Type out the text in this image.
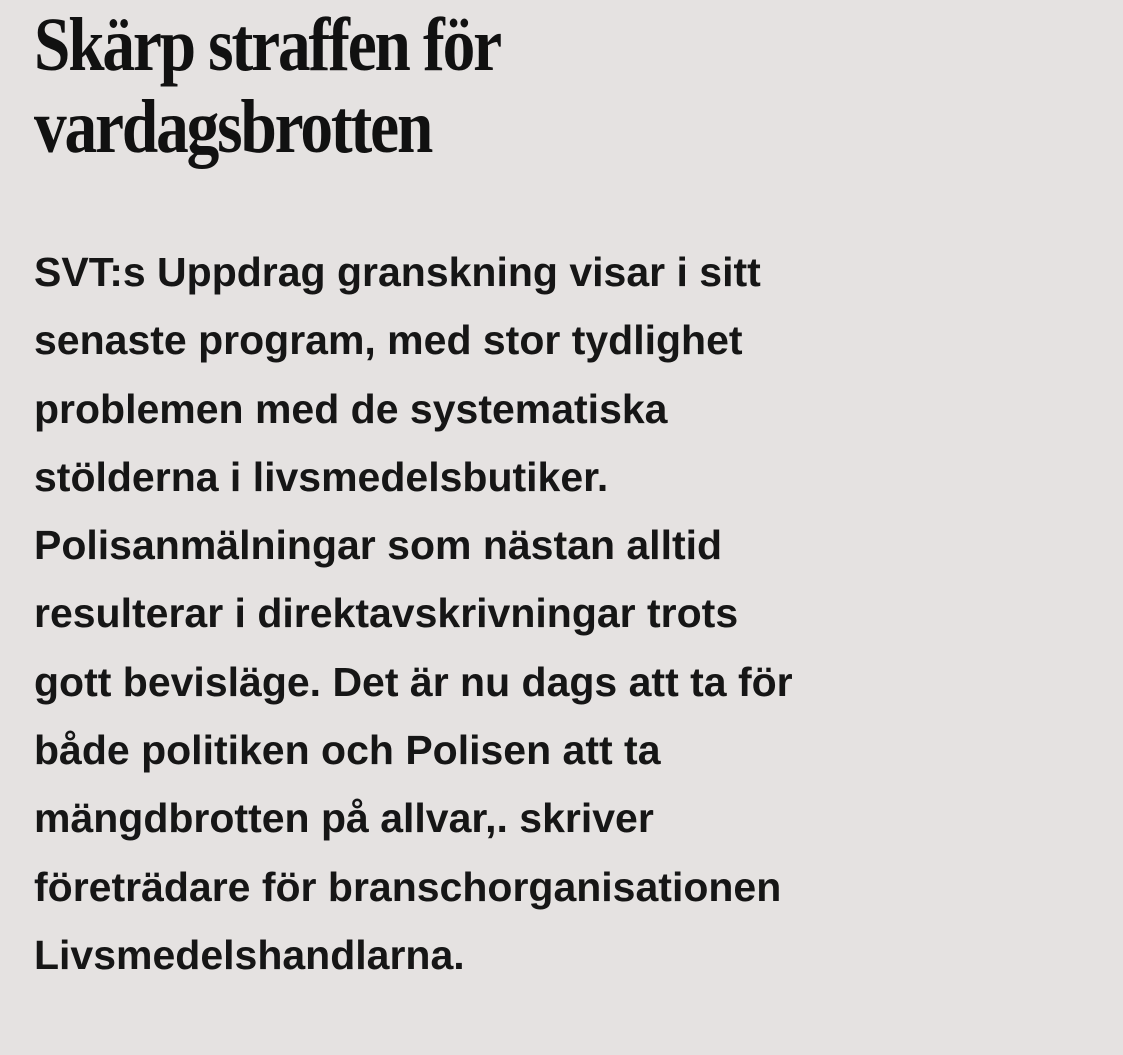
Skärp straffen för
vardagsbrotten

SVT:s Uppdrag granskning visar i sitt
senaste program, med stor tydlighet
problemen med de systematiska
stölderna i livsmedelsbutiker.
Polisanmälningar som nästan alltid
resulterar i direktavskrivningar trots
gott bevisläge. Det är nu dags att ta för
både politiken och Polisen att ta
mängdbrotten på allvar,. skriver
företrädare för branschorganisationen
Livsmedelshandlarna.
